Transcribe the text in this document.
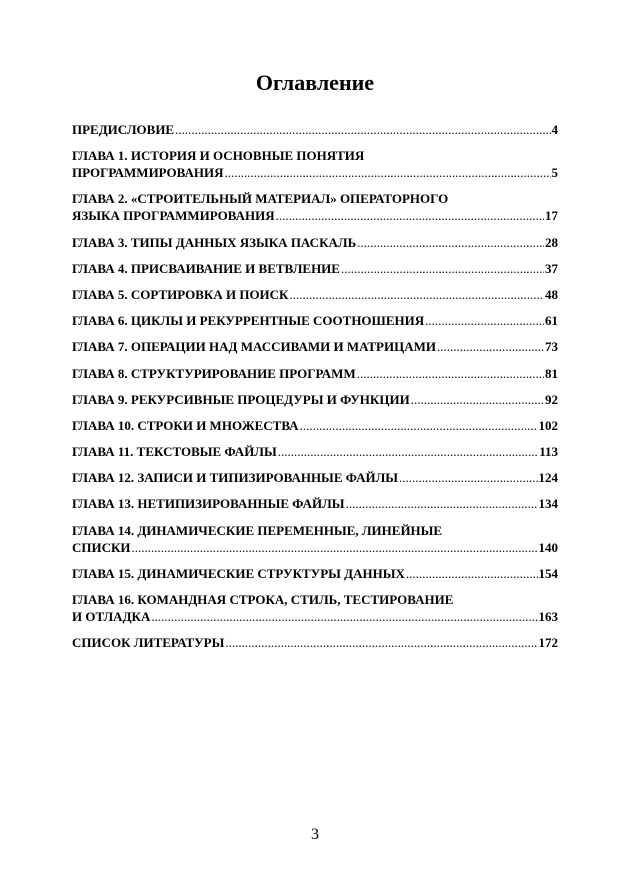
Оглавление
ПРЕДИСЛОВИЕ .....	4
ГЛАВА 1. ИСТОРИЯ И ОСНОВНЫЕ ПОНЯТИЯ
ПРОГРАММИРОВАНИЯ .....	5
ГЛАВА 2. «СТРОИТЕЛЬНЫЙ МАТЕРИАЛ» ОПЕРАТОРНОГО
ЯЗЫКА ПРОГРАММИРОВАНИЯ .....	17
ГЛАВА 3. ТИПЫ ДАННЫХ ЯЗЫКА ПАСКАЛЬ .....	28
ГЛАВА 4. ПРИСВАИВАНИЕ И ВЕТВЛЕНИЕ .....	37
ГЛАВА 5. СОРТИРОВКА И ПОИСК .....	48
ГЛАВА 6. ЦИКЛЫ И РЕКУРРЕНТНЫЕ СООТНОШЕНИЯ .....	61
ГЛАВА 7. ОПЕРАЦИИ НАД МАССИВАМИ И МАТРИЦАМИ .....	73
ГЛАВА 8. СТРУКТУРИРОВАНИЕ ПРОГРАММ .....	81
ГЛАВА 9. РЕКУРСИВНЫЕ ПРОЦЕДУРЫ И ФУНКЦИИ .....	92
ГЛАВА 10. СТРОКИ И МНОЖЕСТВА .....	102
ГЛАВА 11. ТЕКСТОВЫЕ ФАЙЛЫ .....	113
ГЛАВА 12. ЗАПИСИ И ТИПИЗИРОВАННЫЕ ФАЙЛЫ .....	124
ГЛАВА 13. НЕТИПИЗИРОВАННЫЕ ФАЙЛЫ .....	134
ГЛАВА 14. ДИНАМИЧЕСКИЕ ПЕРЕМЕННЫЕ, ЛИНЕЙНЫЕ
СПИСКИ .....	140
ГЛАВА 15. ДИНАМИЧЕСКИЕ СТРУКТУРЫ ДАННЫХ .....	154
ГЛАВА 16. КОМАНДНАЯ СТРОКА, СТИЛЬ, ТЕСТИРОВАНИЕ
И ОТЛАДКА .....	163
СПИСОК ЛИТЕРАТУРЫ .....	172
3
